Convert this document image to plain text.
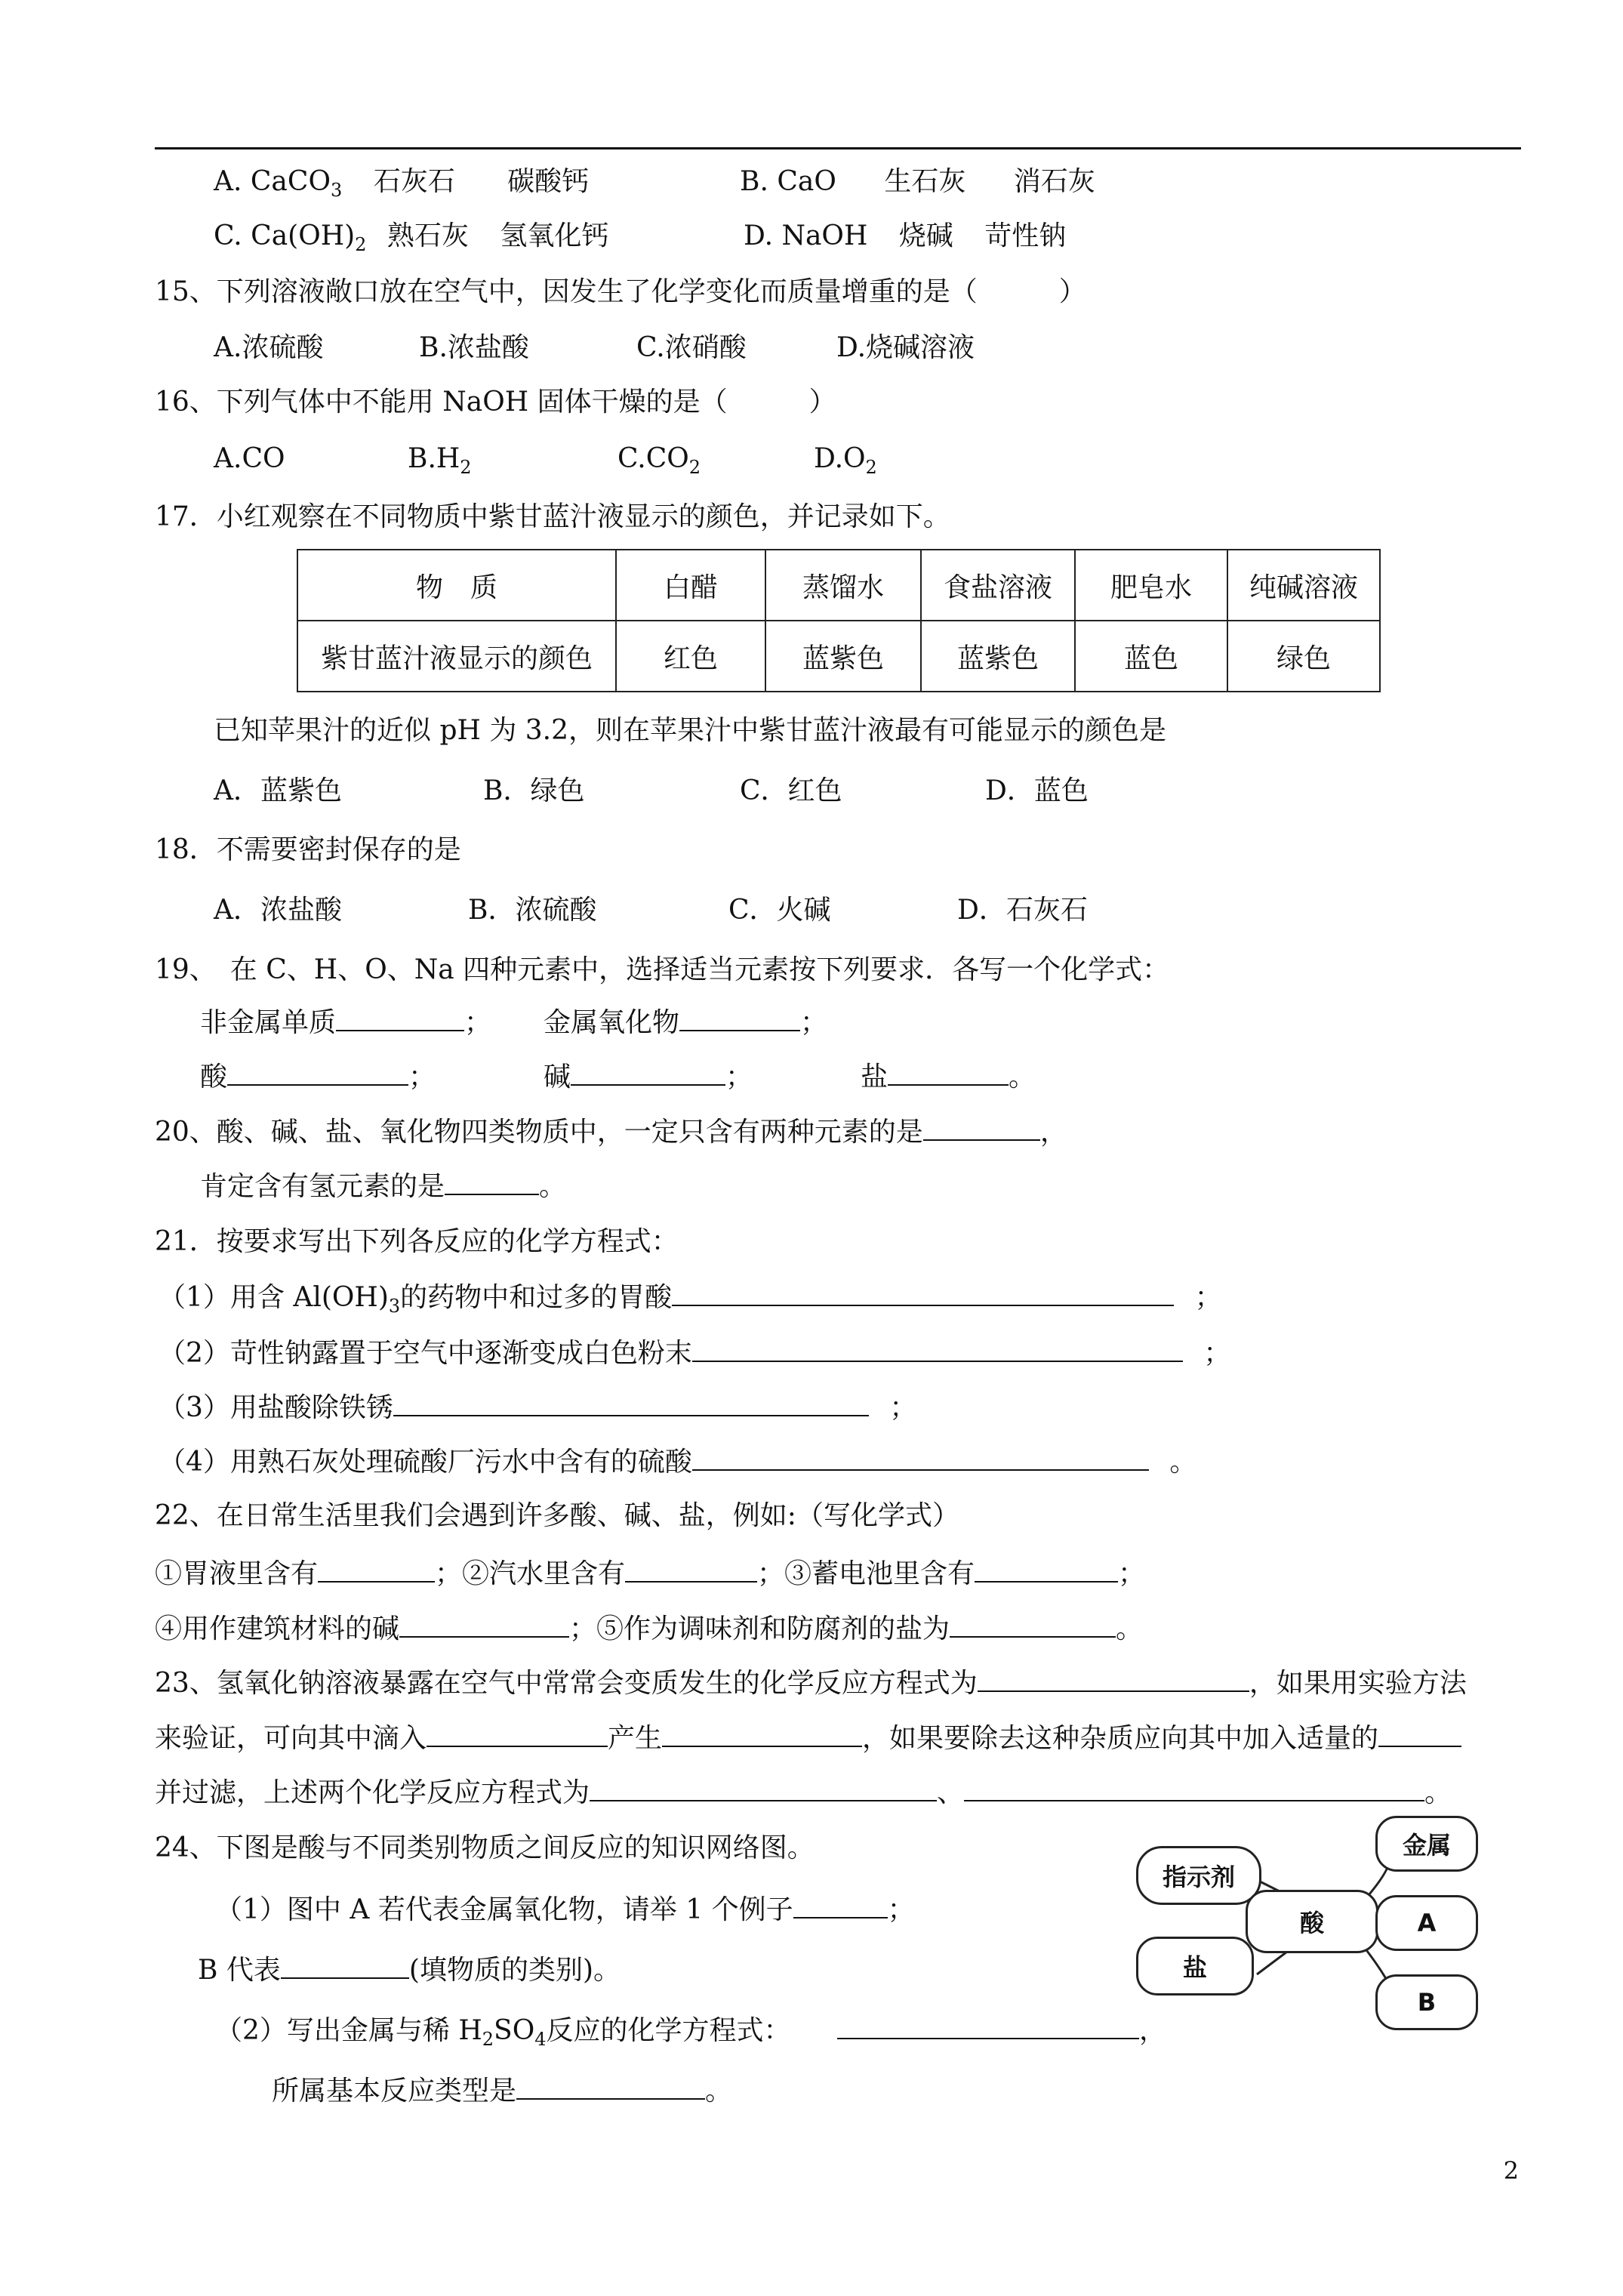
A. CaCO$_3$ 石灰石 碳酸钙	B. CaO 生石灰 消石灰
C. $Ca(OH)_2$ 熟石灰 氢氧化钙	D. NaOH 烧碱 苛性钠
15、下列溶液敞口放在空气中，因发生了化学变化而质量增重的是（　　　）
A.浓硫酸	B.浓盐酸	C.浓硝酸	D.烧碱溶液
16、下列气体中不能用 NaOH 固体干燥的是（　　　）
A.CO	$B.H_2$	$C.CO_2$	$D.O_2$
17．小红观察在不同物质中紫甘蓝汁液显示的颜色，并记录如下。
物　质	白醋	蒸馏水	食盐溶液	肥皂水	纯碱溶液
紫甘蓝汁液显示的颜色	红色	蓝紫色	蓝紫色	蓝色	绿色
已知苹果汁的近似 pH 为 3.2，则在苹果汁中紫甘蓝汁液最有可能显示的颜色是
A．蓝紫色	B．绿色	C．红色	D．蓝色
18．不需要密封保存的是
A．浓盐酸	B．浓硫酸	C．火碱	D．石灰石
19、　在 C、H、O、Na 四种元素中，选择适当元素按下列要求．各写一个化学式：
非金属单质	； 金属氧化物	；
酸	；	碱	；	盐	。
20、酸、碱、盐、氧化物四类物质中，一定只含有两种元素的是	，
肯定含有氢元素的是	。
21．按要求写出下列各反应的化学方程式：
（1）用含 $Al(OH)_3$的药物中和过多的胃酸	；
（2）苛性钠露置于空气中逐渐变成白色粉末	；
（3）用盐酸除铁锈	；
（4）用熟石灰处理硫酸厂污水中含有的硫酸	。
22、在日常生活里我们会遇到许多酸、碱、盐，例如:（写化学式）
①胃液里含有	；②汽水里含有	；③蓄电池里含有	；
④用作建筑材料的碱	；⑤作为调味剂和防腐剂的盐为	。
23、氢氧化钠溶液暴露在空气中常常会变质发生的化学反应方程式为	，如果用实验方法
来验证，可向其中滴入	产生	，如果要除去这种杂质应向其中加入适量的
并过滤，上述两个化学反应方程式为	、	。
24、下图是酸与不同类别物质之间反应的知识网络图。
（1）图中 A 若代表金属氧化物，请举 1 个例子	；
B 代表	(填物质的类别)。
（2）写出金属与稀 $H_2SO_4$反应的化学方程式：	，
所属基本反应类型是	。
指示剂
盐
酸
金属
A
B
2
